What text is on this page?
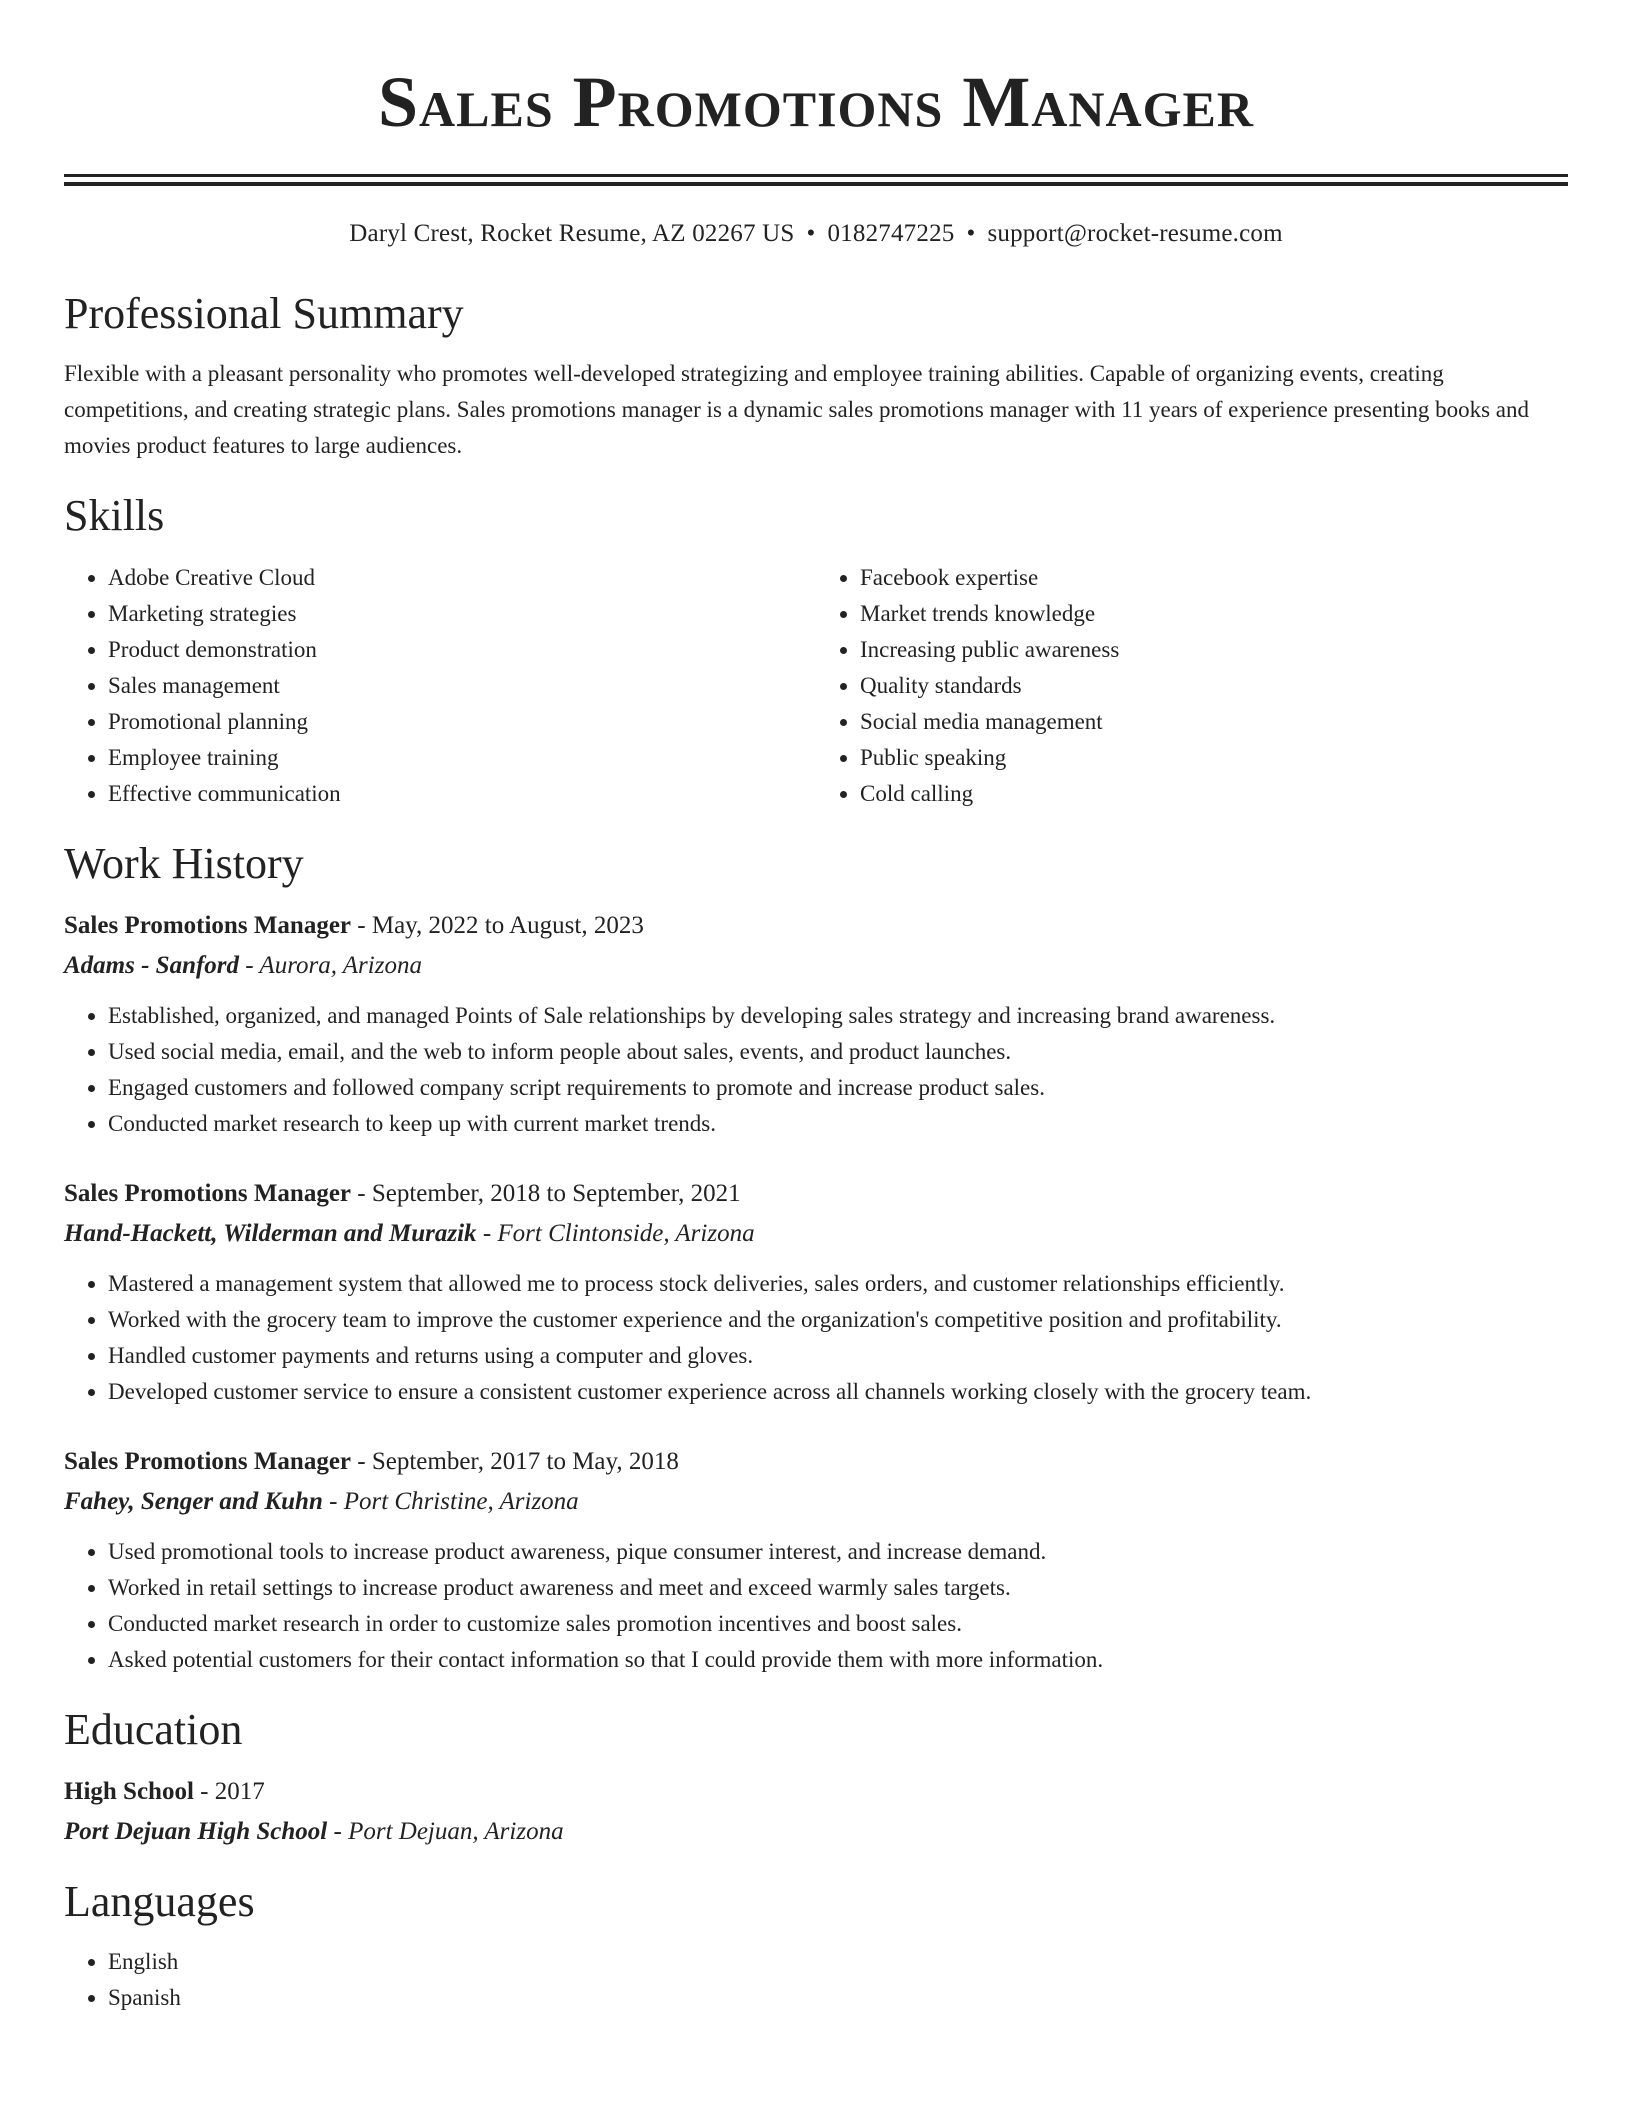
Sales Promotions Manager
Daryl Crest, Rocket Resume, AZ 02267 US • 0182747225 • support@rocket-resume.com
Professional Summary

Flexible with a pleasant personality who promotes well-developed strategizing and employee training abilities. Capable of organizing events, creating competitions, and creating strategic plans. Sales promotions manager is a dynamic sales promotions manager with 11 years of experience presenting books and movies product features to large audiences.

Skills
• Adobe Creative Cloud
• Marketing strategies
• Product demonstration
• Sales management
• Promotional planning
• Employee training
• Effective communication
• Facebook expertise
• Market trends knowledge
• Increasing public awareness
• Quality standards
• Social media management
• Public speaking
• Cold calling
Work History
Sales Promotions Manager - May, 2022 to August, 2023
Adams - Sanford - Aurora, Arizona
• Established, organized, and managed Points of Sale relationships by developing sales strategy and increasing brand awareness.
• Used social media, email, and the web to inform people about sales, events, and product launches.
• Engaged customers and followed company script requirements to promote and increase product sales.
• Conducted market research to keep up with current market trends.
Sales Promotions Manager - September, 2018 to September, 2021
Hand-Hackett, Wilderman and Murazik - Fort Clintonside, Arizona
• Mastered a management system that allowed me to process stock deliveries, sales orders, and customer relationships efficiently.
• Worked with the grocery team to improve the customer experience and the organization's competitive position and profitability.
• Handled customer payments and returns using a computer and gloves.
• Developed customer service to ensure a consistent customer experience across all channels working closely with the grocery team.
Sales Promotions Manager - September, 2017 to May, 2018
Fahey, Senger and Kuhn - Port Christine, Arizona
• Used promotional tools to increase product awareness, pique consumer interest, and increase demand.
• Worked in retail settings to increase product awareness and meet and exceed warmly sales targets.
• Conducted market research in order to customize sales promotion incentives and boost sales.
• Asked potential customers for their contact information so that I could provide them with more information.
Education
High School - 2017
Port Dejuan High School - Port Dejuan, Arizona
Languages
• English
• Spanish
